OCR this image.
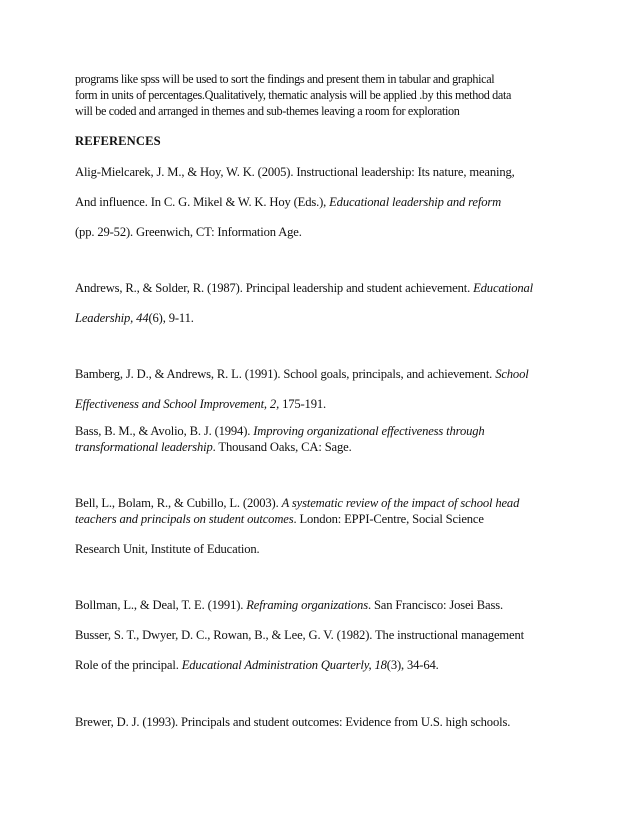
programs like spss will be used to sort the findings and present them in tabular and graphical
form in units of percentages.Qualitatively, thematic analysis will be applied .by this method data
will be coded and arranged in themes and sub-themes leaving a room for exploration
REFERENCES
Alig-Mielcarek, J. M., & Hoy, W. K. (2005). Instructional leadership: Its nature, meaning,
And influence. In C. G. Mikel & W. K. Hoy (Eds.), Educational leadership and reform
(pp. 29-52). Greenwich, CT: Information Age.
Andrews, R., & Solder, R. (1987). Principal leadership and student achievement. Educational
Leadership, 44(6), 9-11.
Bamberg, J. D., & Andrews, R. L. (1991). School goals, principals, and achievement. School
Effectiveness and School Improvement, 2, 175-191.
Bass, B. M., & Avolio, B. J. (1994). Improving organizational effectiveness through
transformational leadership. Thousand Oaks, CA: Sage.
Bell, L., Bolam, R., & Cubillo, L. (2003). A systematic review of the impact of school head
teachers and principals on student outcomes. London: EPPI-Centre, Social Science
Research Unit, Institute of Education.
Bollman, L., & Deal, T. E. (1991). Reframing organizations. San Francisco: Josei Bass.
Busser, S. T., Dwyer, D. C., Rowan, B., & Lee, G. V. (1982). The instructional management
Role of the principal. Educational Administration Quarterly, 18(3), 34-64.
Brewer, D. J. (1993). Principals and student outcomes: Evidence from U.S. high schools.
